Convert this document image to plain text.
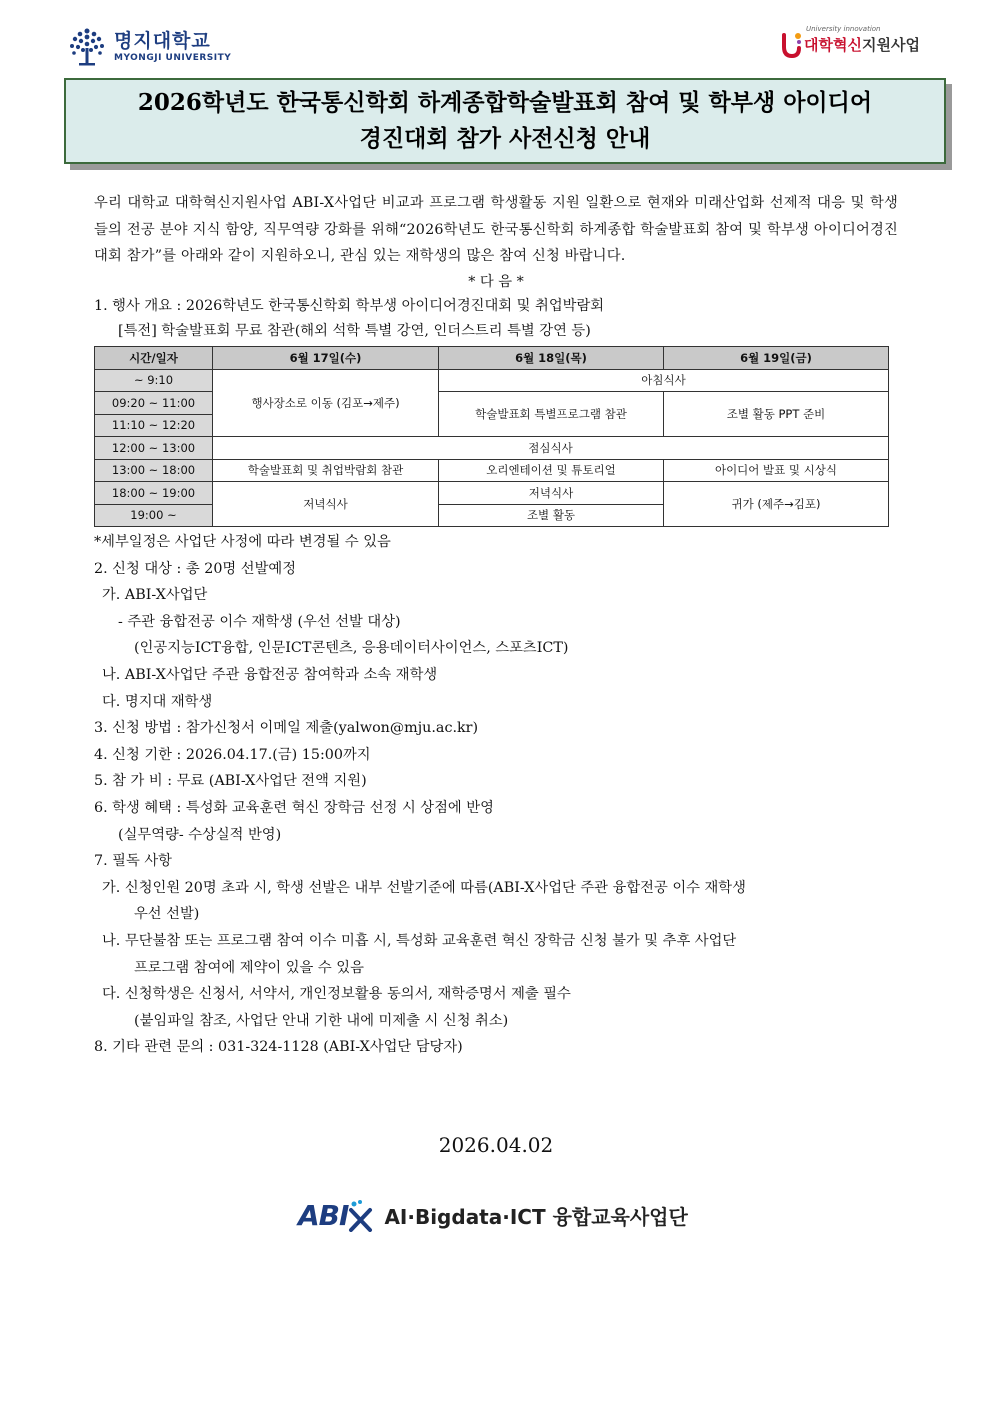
명지대학교
MYONGJI UNIVERSITY
University innovation
대학혁신 지원사업
2026학년도 한국통신학회 하계종합학술발표회 참여 및 학부생 아이디어
경진대회 참가 사전신청 안내

우리 대학교 대학혁신지원사업 ABI-X사업단 비교과 프로그램 학생활동 지원 일환으로 현재와 미래산업화 선제적 대응 및 학생들의 전공 분야 지식 함양, 직무역량 강화를 위해“2026학년도 한국통신학회 하계종합 학술발표회 참여 및 학부생 아이디어경진대회 참가”를 아래와 같이 지원하오니, 관심 있는 재학생의 많은 참여 신청 바랍니다.

* 다 음 *
1. 행사 개요 : 2026학년도 한국통신학회 학부생 아이디어경진대회 및 취업박람회
[특전] 학술발표회 무료 참관(해외 석학 특별 강연, 인더스트리 특별 강연 등)
시간/일자	6월 17일(수)	6월 18일(목)	6월 19일(금)
~ 9:10	행사장소로 이동 (김포→제주)	아침식사	
09:20 ~ 11:00		학술발표회 특별프로그램 참관	조별 활동 PPT 준비
11:10 ~ 12:20			
12:00 ~ 13:00	점심식사		
13:00 ~ 18:00	학술발표회 및 취업박람회 참관	오리엔테이션 및 튜토리얼	아이디어 발표 및 시상식
18:00 ~ 19:00	저녁식사	저녁식사	귀가 (제주→김포)
19:00 ~		조별 활동	
*세부일정은 사업단 사정에 따라 변경될 수 있음
2. 신청 대상 : 총 20명 선발예정
가. ABI-X사업단
- 주관 융합전공 이수 재학생 (우선 선발 대상)
(인공지능ICT융합, 인문ICT콘텐츠, 응용데이터사이언스, 스포츠ICT)
나. ABI-X사업단 주관 융합전공 참여학과 소속 재학생
다. 명지대 재학생
3. 신청 방법 : 참가신청서 이메일 제출(yalwon@mju.ac.kr)
4. 신청 기한 : 2026.04.17.(금) 15:00까지
5. 참 가 비 : 무료 (ABI-X사업단 전액 지원)
6. 학생 혜택 : 특성화 교육훈련 혁신 장학금 선정 시 상점에 반영
(실무역량- 수상실적 반영)
7. 필독 사항
가. 신청인원 20명 초과 시, 학생 선발은 내부 선발기준에 따름(ABI-X사업단 주관 융합전공 이수 재학생
우선 선발)
나. 무단불참 또는 프로그램 참여 이수 미흡 시, 특성화 교육훈련 혁신 장학금 신청 불가 및 추후 사업단
프로그램 참여에 제약이 있을 수 있음
다. 신청학생은 신청서, 서약서, 개인정보활용 동의서, 재학증명서 제출 필수
(붙임파일 참조, 사업단 안내 기한 내에 미제출 시 신청 취소)
8. 기타 관련 문의 : 031-324-1128 (ABI-X사업단 담당자)
2026.04.02
ABI AI·Bigdata·ICT 융합교육사업단
